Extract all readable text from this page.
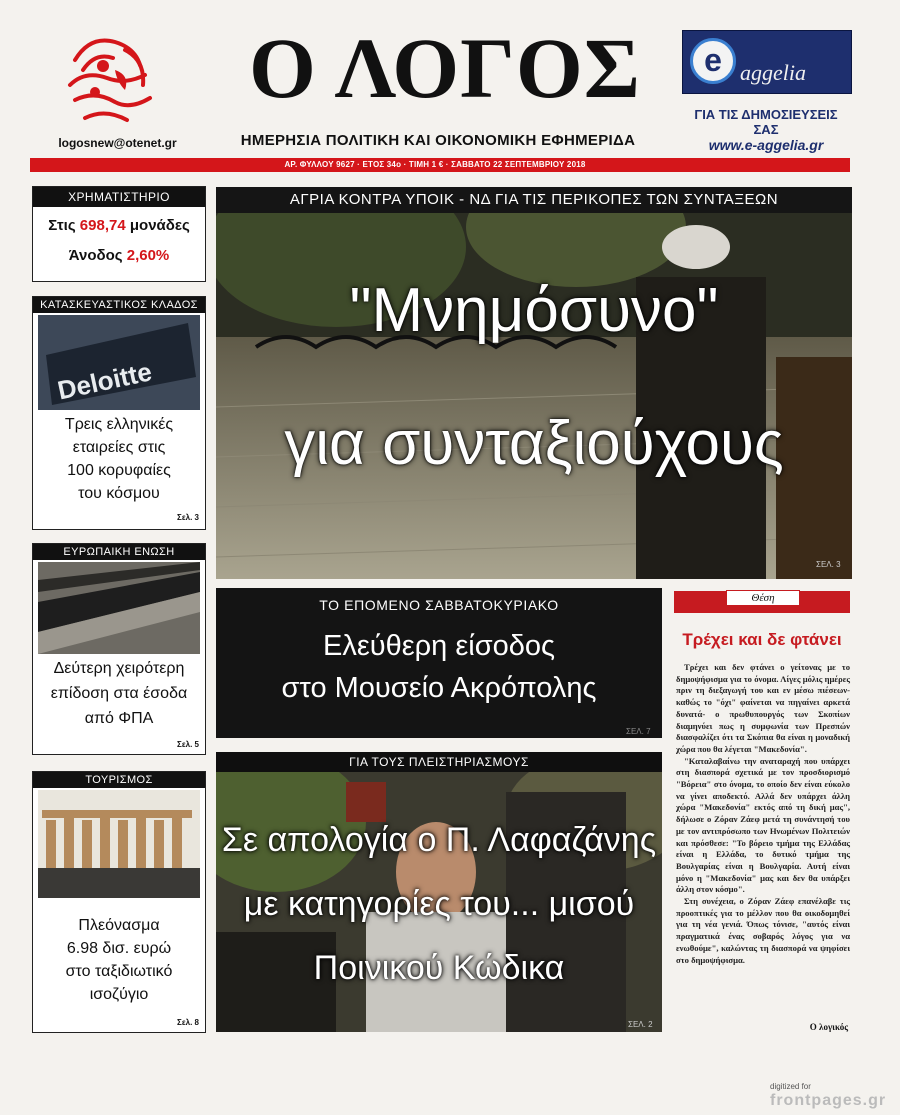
logosnew@otenet.gr
Ο ΛΟΓΟΣ
ΗΜΕΡΗΣΙΑ ΠΟΛΙΤΙΚΗ ΚΑΙ ΟΙΚΟΝΟΜΙΚΗ ΕΦΗΜΕΡΙΔΑ
e aggelia
ΓΙΑ ΤΙΣ ΔΗΜΟΣΙΕΥΣΕΙΣ ΣΑΣ
www.e-aggelia.gr
ΑΡ. ΦΥΛΛΟΥ 9627 · ΕΤΟΣ 34ο · ΤΙΜΗ 1 € · ΣΑΒΒΑΤΟ 22 ΣΕΠΤΕΜΒΡΙΟΥ 2018
ΧΡΗΜΑΤΙΣΤΗΡΙΟ
Στις 698,74 μονάδες
Άνοδος 2,60%
ΚΑΤΑΣΚΕΥΑΣΤΙΚΟΣ ΚΛΑΔΟΣ
Deloitte
Τρεις ελληνικές
εταιρείες στις
100 κορυφαίες
του κόσμου
Σελ. 3
ΕΥΡΩΠΑΙΚΗ ΕΝΩΣΗ
Δεύτερη χειρότερη
επίδοση στα έσοδα
από ΦΠΑ
Σελ. 5
ΤΟΥΡΙΣΜΟΣ
Πλεόνασμα
6.98 δισ. ευρώ
στο ταξιδιωτικό
ισοζύγιο
Σελ. 8
ΑΓΡΙΑ ΚΟΝΤΡΑ ΥΠΟΙΚ - ΝΔ ΓΙΑ ΤΙΣ ΠΕΡΙΚΟΠΕΣ ΤΩΝ ΣΥΝΤΑΞΕΩΝ
"Μνημόσυνο"
για συνταξιούχους
ΣΕΛ. 3
ΤΟ ΕΠΟΜΕΝΟ ΣΑΒΒΑΤΟΚΥΡΙΑΚΟ
Ελεύθερη είσοδος
στο Μουσείο Ακρόπολης
ΣΕΛ. 7
ΓΙΑ ΤΟΥΣ ΠΛΕΙΣΤΗΡΙΑΣΜΟΥΣ
Σε απολογία ο Π. Λαφαζάνης
με κατηγορίες του... μισού
Ποινικού Κώδικα
ΣΕΛ. 2
Θέση
Τρέχει και δε φτάνει

Τρέχει και δεν φτάνει ο γείτονας με το δημοψήφισμα για το όνομα. Λίγες μόλις ημέρες πριν τη διεξαγωγή του και εν μέσω πιέσεων- καθώς το "όχι" φαίνεται να πηγαίνει αρκετά δυνατά- ο πρωθυπουργός των Σκοπίων διαμηνύει πως η συμφωνία των Πρεσπών διασφαλίζει ότι τα Σκόπια θα είναι η μοναδική χώρα που θα λέγεται "Μακεδονία".

"Καταλαβαίνω την αναταραχή που υπάρχει στη διασπορά σχετικά με τον προσδιορισμό "Βόρεια" στο όνομα, το οποίο δεν είναι εύκολο να γίνει αποδεκτό. Αλλά δεν υπάρχει άλλη χώρα "Μακεδονία" εκτός από τη δική μας", δήλωσε ο Ζόραν Ζάεφ μετά τη συνάντησή του με τον αντιπρόσωπο των Ηνωμένων Πολιτειών και πρόσθεσε: "Το βόρειο τμήμα της Ελλάδας είναι η Ελλάδα, το δυτικό τμήμα της Βουλγαρίας είναι η Βουλγαρία. Αυτή είναι μόνο η "Μακεδονία" μας και δεν θα υπάρξει άλλη στον κόσμο".

Στη συνέχεια, ο Ζόραν Ζάεφ επανέλαβε τις προοπτικές για το μέλλον που θα οικοδομηθεί για τη νέα γενιά. Όπως τόνισε, "αυτός είναι πραγματικά ένας σοβαρός λόγος για να ενωθούμε", καλώντας τη διασπορά να ψηφίσει στο δημοψήφισμα.

Ο λογικός
digitized for
frontpages.gr
